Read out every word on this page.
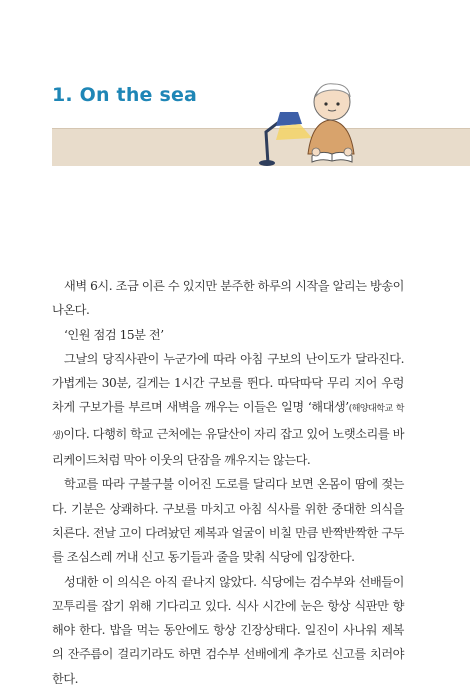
1. On the sea

새벽 6시. 조금 이른 수 있지만 분주한 하루의 시작을 알리는 방송이 나온다.

‘인원 점검 15분 전’

그날의 당직사관이 누군가에 따라 아침 구보의 난이도가 달라진다. 가볍게는 30분, 길게는 1시간 구보를 뛴다. 따닥따닥 무리 지어 우렁차게 구보가를 부르며 새벽을 깨우는 이들은 일명 ‘해대생’(해양대학교 학생)이다. 다행히 학교 근처에는 유달산이 자리 잡고 있어 노랫소리를 바리케이드처럼 막아 이웃의 단잠을 깨우지는 않는다.

학교를 따라 구불구불 이어진 도로를 달리다 보면 온몸이 땀에 젖는다. 기분은 상쾌하다. 구보를 마치고 아침 식사를 위한 중대한 의식을 치른다. 전날 고이 다려놨던 제복과 얼굴이 비칠 만큼 반짝반짝한 구두를 조심스레 꺼내 신고 동기들과 줄을 맞춰 식당에 입장한다.

성대한 이 의식은 아직 끝나지 않았다. 식당에는 검수부와 선배들이 꼬투리를 잡기 위해 기다리고 있다. 식사 시간에 눈은 항상 식판만 향해야 한다. 밥을 먹는 동안에도 항상 긴장상태다. 일진이 사나워 제복의 잔주름이 걸리기라도 하면 검수부 선배에게 추가로 신고를 치러야 한다.
